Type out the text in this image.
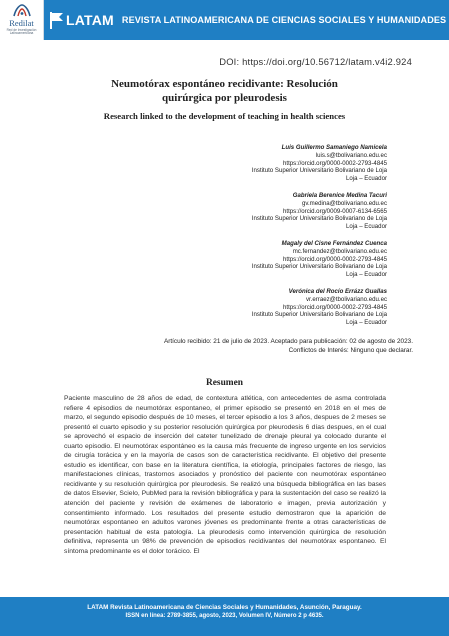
Redilat
Red de Investigación Latinoamericana
LATAM REVISTA LATINOAMERICANA DE CIENCIAS SOCIALES Y HUMANIDADES
DOI: https://doi.org/10.56712/latam.v4i2.924
Neumotórax espontáneo recidivante: Resolución
quirúrgica por pleurodesis
Research linked to the development of teaching in health sciences
Luis Guillermo Samaniego Namicela
luis.s@tbolivariano.edu.ec
https://orcid.org/0000-0002-2793-4845
Instituto Superior Universitario Bolivariano de Loja
Loja – Ecuador
Gabriela Berenice Medina Tacuri
gv.medina@tbolivariano.edu.ec
https://orcid.org/0009-0007-6134-6565
Instituto Superior Universitario Bolivariano de Loja
Loja – Ecuador
Magaly del Cisne Fernández Cuenca
mc.fernandez@tbolivariano.edu.ec
https://orcid.org/0000-0002-2793-4845
Instituto Superior Universitario Bolivariano de Loja
Loja – Ecuador
Verónica del Rocío Errázz Guallas
vr.erraez@tbolivariano.edu.ec
https://orcid.org/0000-0002-2793-4845
Instituto Superior Universitario Bolivariano de Loja
Loja – Ecuador
Artículo recibido: 21 de julio de 2023. Aceptado para publicación: 02 de agosto de 2023.
Conflictos de Interés: Ninguno que declarar.
Resumen

Paciente masculino de 28 años de edad, de contextura atlética, con antecedentes de asma controlada refiere 4 episodios de neumotórax espontaneo, el primer episodio se presentó en 2018 en el mes de marzo, el segundo episodio después de 10 meses, el tercer episodio a los 3 años, despues de 2 meses se presentó el cuarto episodio y su posterior resolución quirúrgica por pleurodesis 6 días despues, en el cual se aprovechó el espacio de inserción del cateter tunelizado de drenaje pleural ya colocado durante el cuarto episodio. El neumotórax espontáneo es la causa más frecuente de ingreso urgente en los servicios de cirugía torácica y en la mayoría de casos son de característica recidivante. El objetivo del presente estudio es identificar, con base en la literatura científica, la etiología, principales factores de riesgo, las manifestaciones clínicas, trastornos asociados y pronóstico del paciente con neumotórax espontáneo recidivante y su resolución quirúrgica por pleurodesis. Se realizó una búsqueda bibliográfica en las bases de datos Elsevier, Scielo, PubMed para la revisión bibliográfica y para la sustentación del caso se realizó la atención del paciente y revisión de exámenes de laboratorio e imagen, previa autorización y consentimiento informado. Los resultados del presente estudio demostraron que la aparición de neumotórax espontaneo en adultos varones jóvenes es predominante frente a otras características de presentación habitual de esta patología. La pleurodesis como intervención quirúrgica de resolución definitiva, representa un 98% de prevención de episodios recidivantes del neumotórax espontaneo. El síntoma predominante es el dolor torácico. El

LATAM Revista Latinoamericana de Ciencias Sociales y Humanidades, Asunción, Paraguay.
ISSN en línea: 2789-3855, agosto, 2023, Volumen IV, Número 2 p 4635.
